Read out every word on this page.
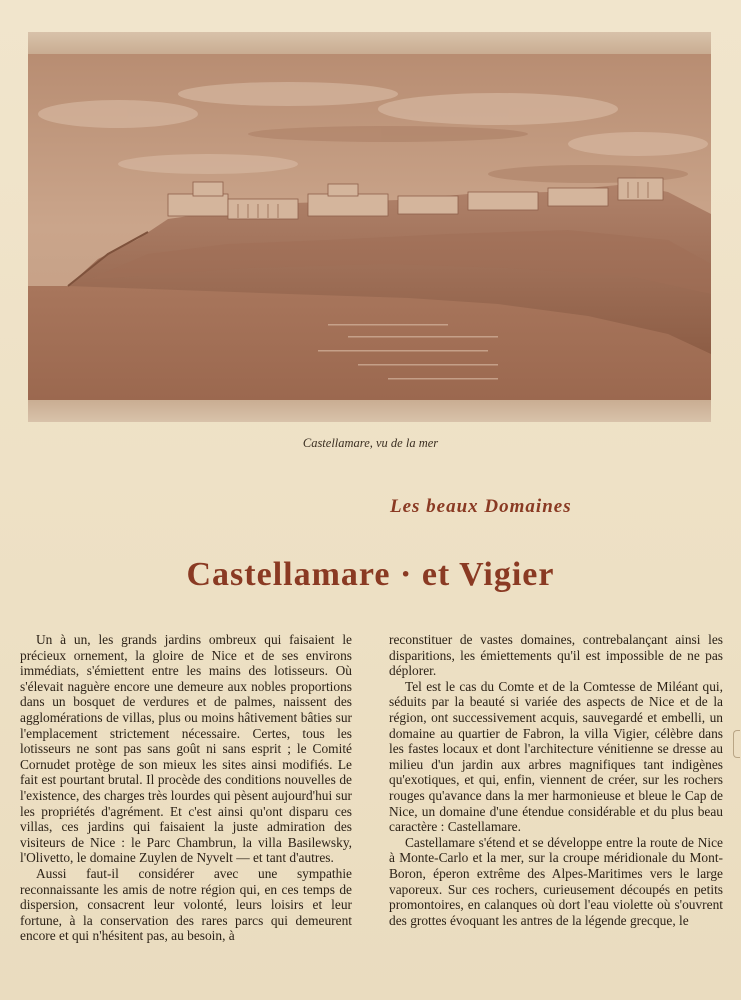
Castellamare, vu de la mer
Les beaux Domaines
Castellamare · et Vigier

Un à un, les grands jardins ombreux qui faisaient le précieux ornement, la gloire de Nice et de ses environs immédiats, s'émiettent entre les mains des lotisseurs. Où s'élevait naguère encore une demeure aux nobles proportions dans un bosquet de verdures et de palmes, naissent des agglomérations de villas, plus ou moins hâtivement bâties sur l'emplacement strictement nécessaire. Certes, tous les lotisseurs ne sont pas sans goût ni sans esprit ; le Comité Cornudet protège de son mieux les sites ainsi modifiés. Le fait est pourtant brutal. Il procède des conditions nouvelles de l'existence, des charges très lourdes qui pèsent aujourd'hui sur les propriétés d'agrément. Et c'est ainsi qu'ont disparu ces villas, ces jardins qui faisaient la juste admiration des visiteurs de Nice : le Parc Chambrun, la villa Basilewsky, l'Olivetto, le domaine Zuylen de Nyvelt — et tant d'autres.

Aussi faut-il considérer avec une sympathie reconnaissante les amis de notre région qui, en ces temps de dispersion, consacrent leur volonté, leurs loisirs et leur fortune, à la conservation des rares parcs qui demeurent encore et qui n'hésitent pas, au besoin, à

reconstituer de vastes domaines, contrebalançant ainsi les disparitions, les émiettements qu'il est impossible de ne pas déplorer.

Tel est le cas du Comte et de la Comtesse de Miléant qui, séduits par la beauté si variée des aspects de Nice et de la région, ont successivement acquis, sauvegardé et embelli, un domaine au quartier de Fabron, la villa Vigier, célèbre dans les fastes locaux et dont l'architecture vénitienne se dresse au milieu d'un jardin aux arbres magnifiques tant indigènes qu'exotiques, et qui, enfin, viennent de créer, sur les rochers rouges qu'avance dans la mer harmonieuse et bleue le Cap de Nice, un domaine d'une étendue considérable et du plus beau caractère : Castellamare.

Castellamare s'étend et se développe entre la route de Nice à Monte-Carlo et la mer, sur la croupe méridionale du Mont-Boron, éperon extrême des Alpes-Maritimes vers le large vaporeux. Sur ces rochers, curieusement découpés en petits promontoires, en calanques où dort l'eau violette où s'ouvrent des grottes évoquant les antres de la légende grecque, le
